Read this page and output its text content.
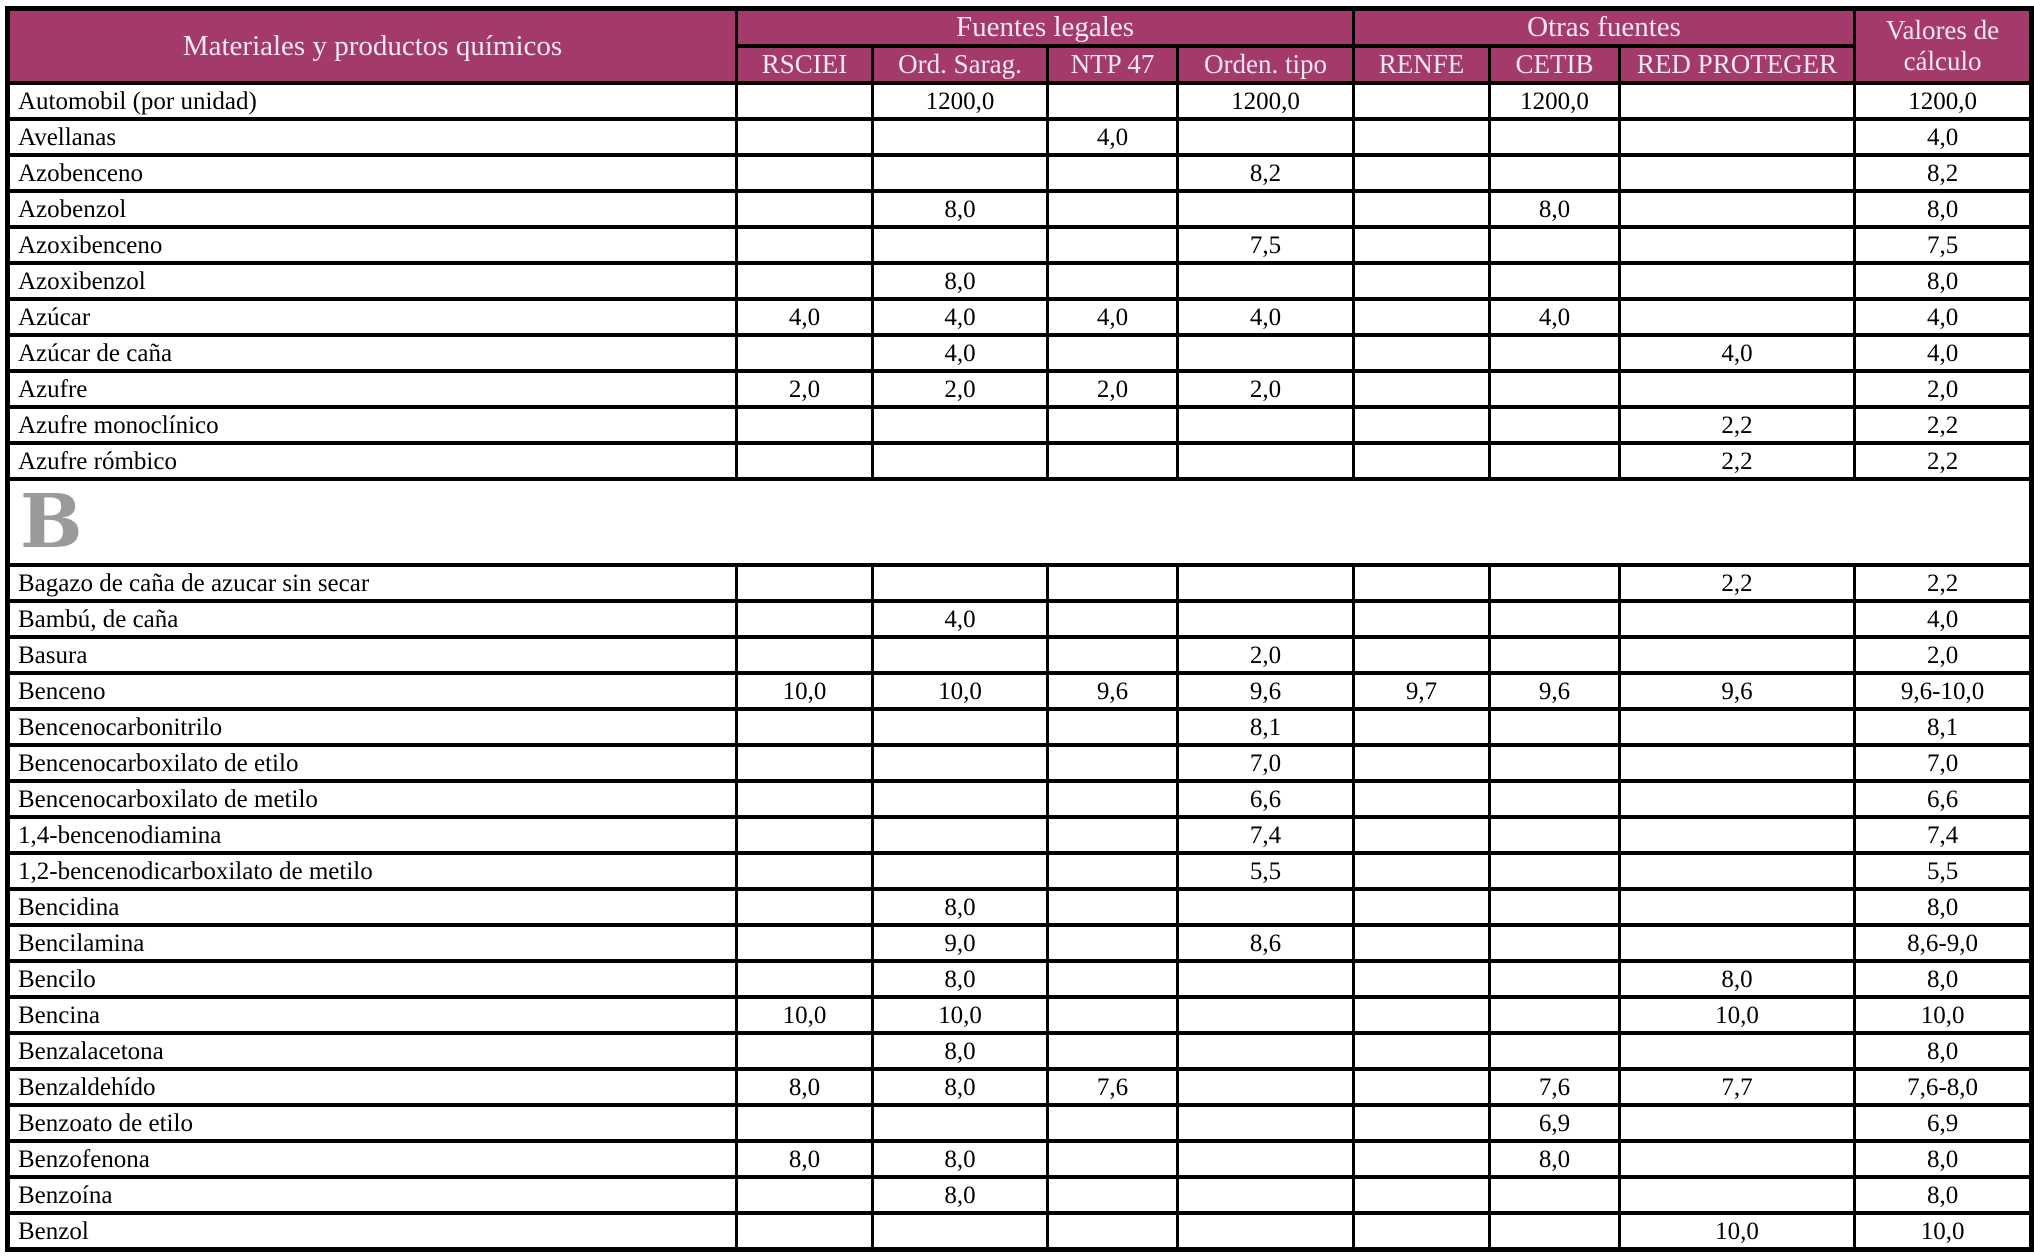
Materiales y productos químicos	Fuentes legales				Otras fuentes			Valores de cálculo
	RSCIEI	Ord. Sarag.	NTP 47	Orden. tipo	RENFE	CETIB	RED PROTEGER	
Automobil (por unidad)		1200,0		1200,0		1200,0		1200,0
Avellanas			4,0					4,0
Azobenceno				8,2				8,2
Azobenzol		8,0				8,0		8,0
Azoxibenceno				7,5				7,5
Azoxibenzol		8,0						8,0
Azúcar	4,0	4,0	4,0	4,0		4,0		4,0
Azúcar de caña		4,0					4,0	4,0
Azufre	2,0	2,0	2,0	2,0				2,0
Azufre monoclínico							2,2	2,2
Azufre rómbico							2,2	2,2
B								
Bagazo de caña de azucar sin secar							2,2	2,2
Bambú, de caña		4,0						4,0
Basura				2,0				2,0
Benceno	10,0	10,0	9,6	9,6	9,7	9,6	9,6	9,6-10,0
Bencenocarbonitrilo				8,1				8,1
Bencenocarboxilato de etilo				7,0				7,0
Bencenocarboxilato de metilo				6,6				6,6
1,4-bencenodiamina				7,4				7,4
1,2-bencenodicarboxilato de metilo				5,5				5,5
Bencidina		8,0						8,0
Bencilamina		9,0		8,6				8,6-9,0
Bencilo		8,0					8,0	8,0
Bencina	10,0	10,0					10,0	10,0
Benzalacetona		8,0						8,0
Benzaldehído	8,0	8,0	7,6			7,6	7,7	7,6-8,0
Benzoato de etilo						6,9		6,9
Benzofenona	8,0	8,0				8,0		8,0
Benzoína		8,0						8,0
Benzol							10,0	10,0
